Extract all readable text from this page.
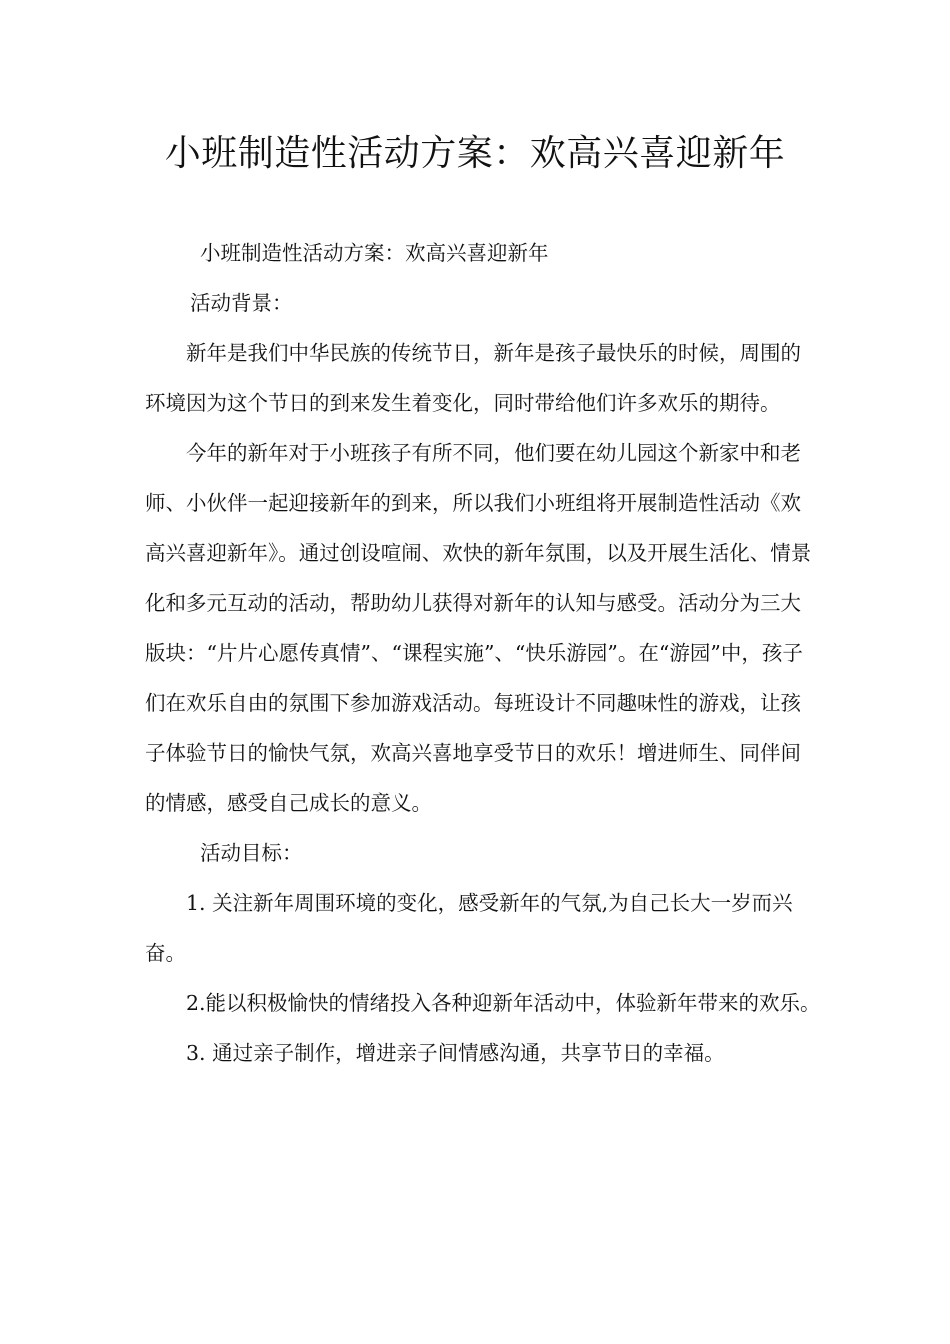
小班制造性活动方案：欢高兴喜迎新年

小班制造性活动方案：欢高兴喜迎新年

活动背景：

新年是我们中华民族的传统节日，新年是孩子最快乐的时候，周围的环境因为这个节日的到来发生着变化，同时带给他们许多欢乐的期待。

今年的新年对于小班孩子有所不同，他们要在幼儿园这个新家中和老师、小伙伴一起迎接新年的到来，所以我们小班组将开展制造性活动《欢高兴喜迎新年》。通过创设喧闹、欢快的新年氛围，以及开展生活化、情景化和多元互动的活动，帮助幼儿获得对新年的认知与感受。活动分为三大版块：“片片心愿传真情”、“课程实施”、“快乐游园”。在“游园”中，孩子们在欢乐自由的氛围下参加游戏活动。每班设计不同趣味性的游戏，让孩子体验节日的愉快气氛，欢高兴喜地享受节日的欢乐！增进师生、同伴间的情感，感受自己成长的意义。

活动目标：

1. 关注新年周围环境的变化，感受新年的气氛,为自己长大一岁而兴奋。

2.能以积极愉快的情绪投入各种迎新年活动中，体验新年带来的欢乐。

3. 通过亲子制作，增进亲子间情感沟通，共享节日的幸福。
